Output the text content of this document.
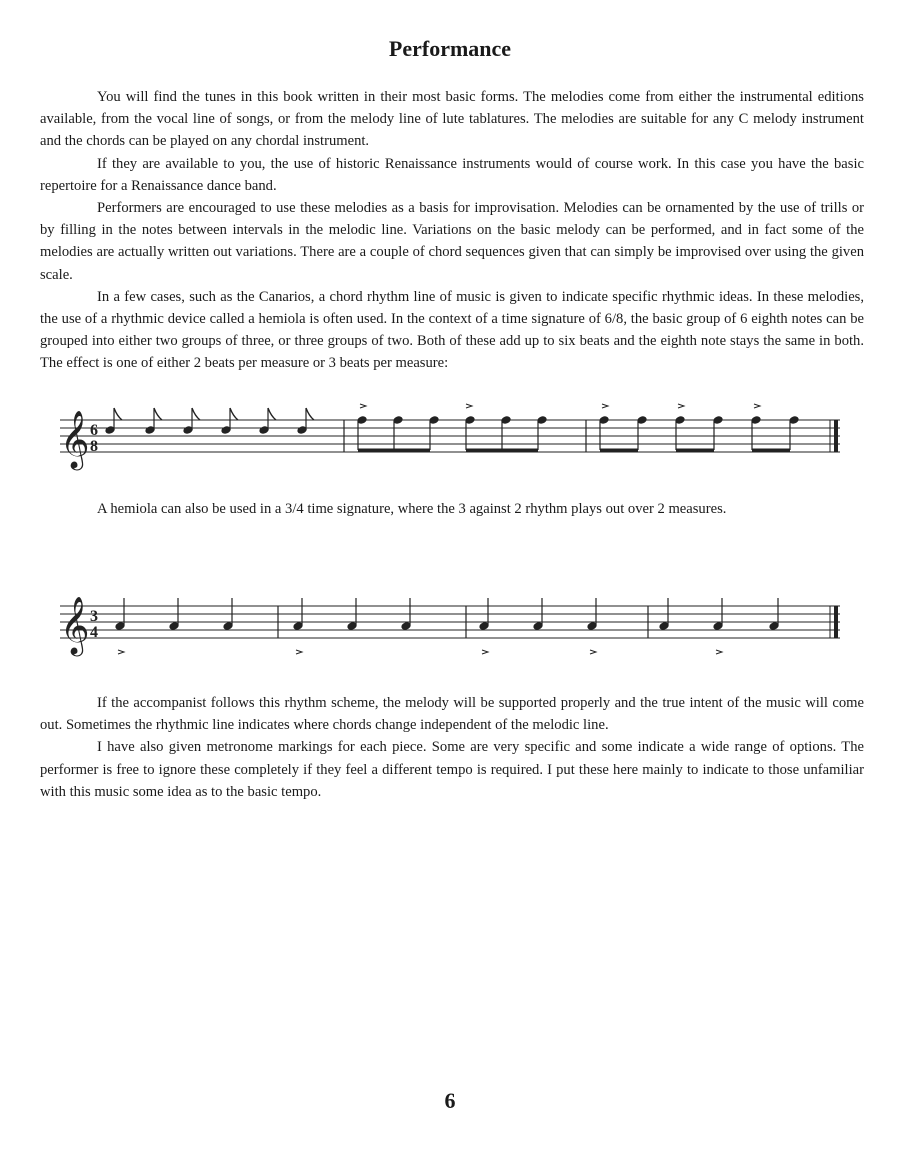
Performance

You will find the tunes in this book written in their most basic forms. The melodies come from either the instrumental editions available, from the vocal line of songs, or from the melody line of lute tablatures. The melodies are suitable for any C melody instrument and the chords can be played on any chordal instrument.

If they are available to you, the use of historic Renaissance instruments would of course work. In this case you have the basic repertoire for a Renaissance dance band.

Performers are encouraged to use these melodies as a basis for improvisation. Melodies can be ornamented by the use of trills or by filling in the notes between intervals in the melodic line. Variations on the basic melody can be performed, and in fact some of the melodies are actually written out variations. There are a couple of chord sequences given that can simply be improvised over using the given scale.

In a few cases, such as the Canarios, a chord rhythm line of music is given to indicate specific rhythmic ideas. In these melodies, the use of a rhythmic device called a hemiola is often used. In the context of a time signature of 6/8, the basic group of 6 eighth notes can be grouped into either two groups of three, or three groups of two. Both of these add up to six beats and the eighth note stays the same in both. The effect is one of either 2 beats per measure or 3 beats per measure:

𝄞 6
8

A hemiola can also be used in a 3/4 time signature, where the 3 against 2 rhythm plays out over 2 measures.

𝄞 3
4

If the accompanist follows this rhythm scheme, the melody will be supported properly and the true intent of the music will come out. Sometimes the rhythmic line indicates where chords change independent of the melodic line.

I have also given metronome markings for each piece. Some are very specific and some indicate a wide range of options. The performer is free to ignore these completely if they feel a different tempo is required. I put these here mainly to indicate to those unfamiliar with this music some idea as to the basic tempo.

6
